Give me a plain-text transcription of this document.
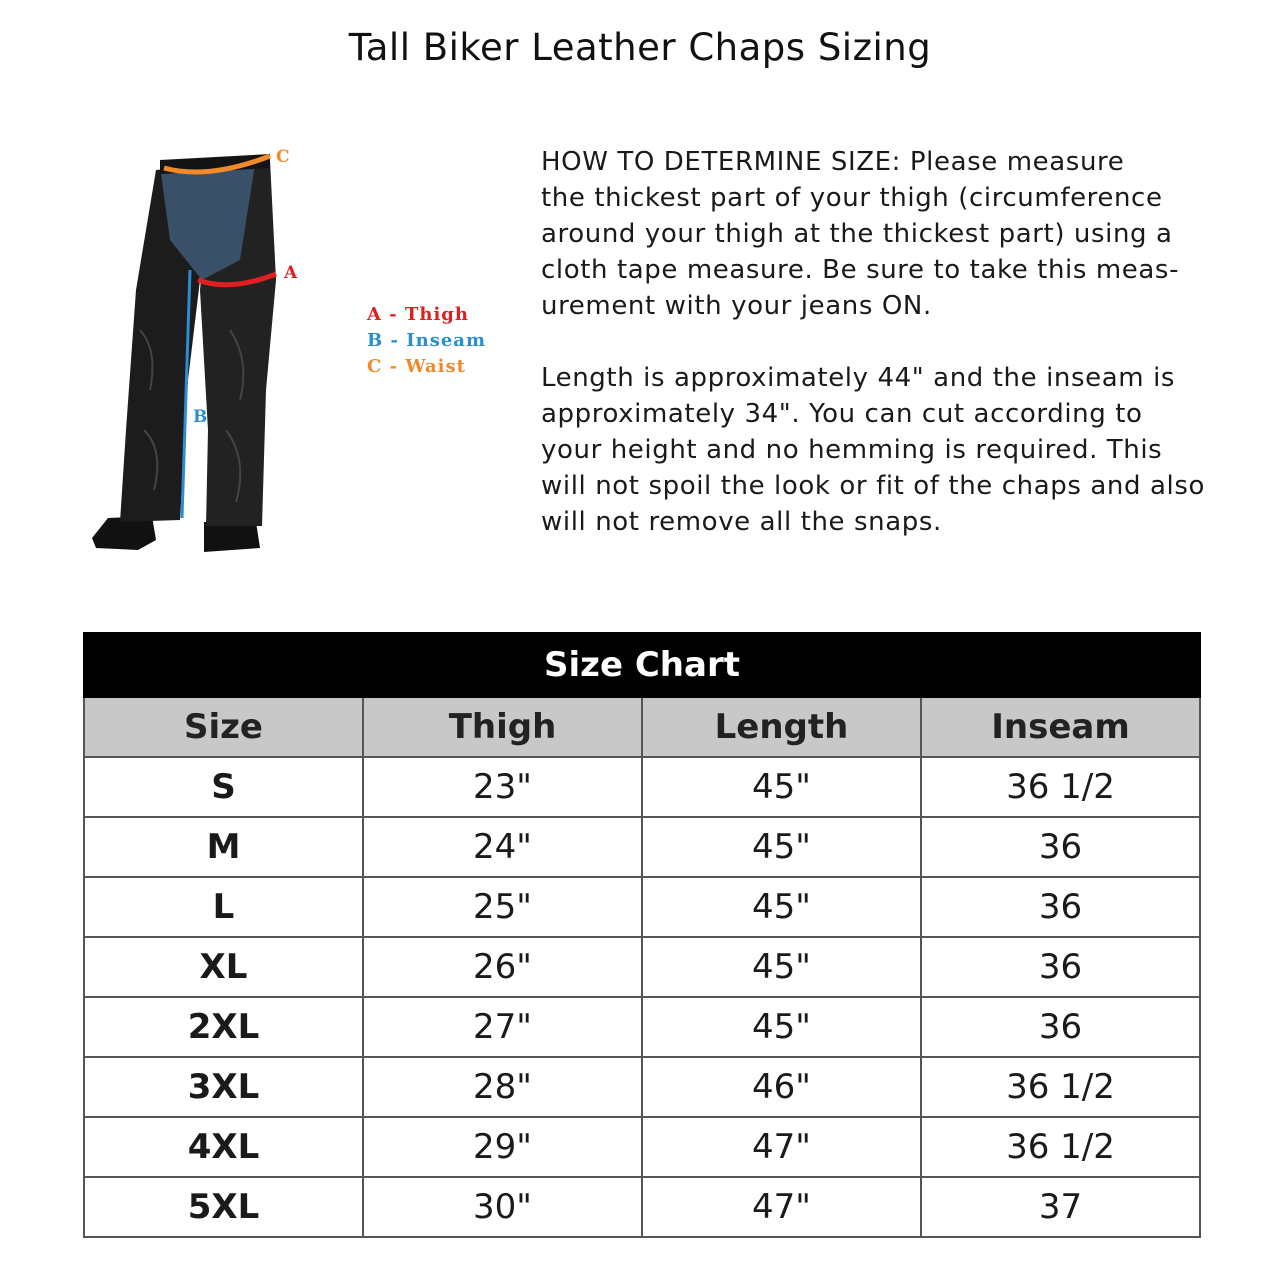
Tall Biker Leather Chaps Sizing
C
A
B
A - Thigh
B - Inseam
C - Waist

HOW TO DETERMINE SIZE: Please measure
the thickest part of your thigh (circumference
around your thigh at the thickest part) using a
cloth tape measure. Be sure to take this meas-
urement with your jeans ON.

Length is approximately 44" and the inseam is
approximately 34". You can cut according to
your height and no hemming is required. This
will not spoil the look or fit of the chaps and also
will not remove all the snaps.

Size Chart			
Size	Thigh	Length	Inseam
S	23"	45"	36 1/2
M	24"	45"	36
L	25"	45"	36
XL	26"	45"	36
2XL	27"	45"	36
3XL	28"	46"	36 1/2
4XL	29"	47"	36 1/2
5XL	30"	47"	37
